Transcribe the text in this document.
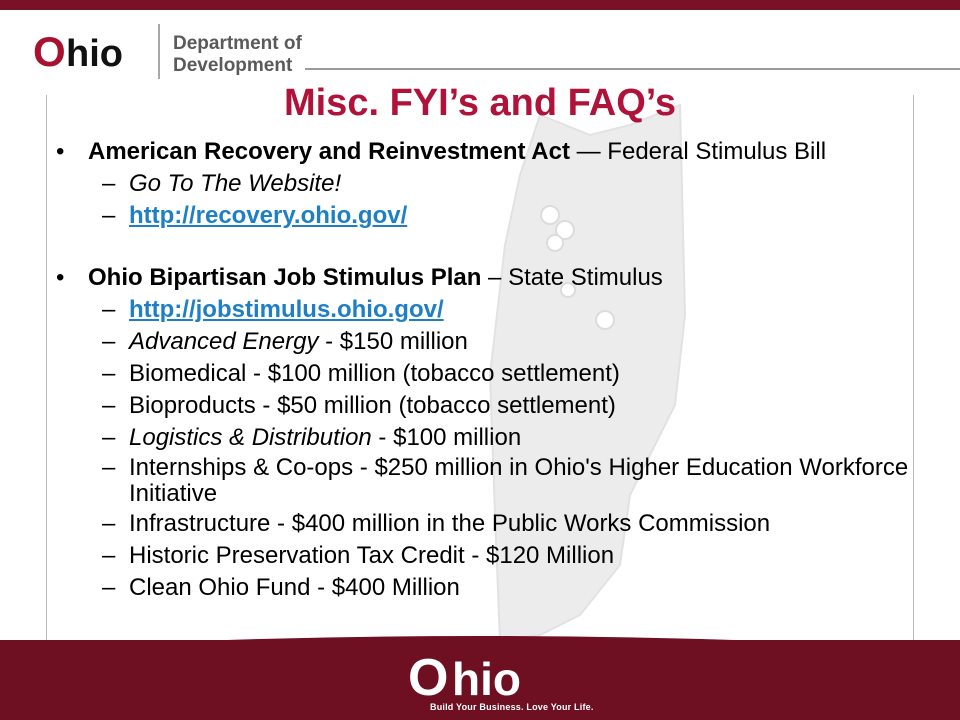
O hio	Department of
Development
Misc. FYI’s and FAQ’s
• American Recovery and Reinvestment Act — Federal Stimulus Bill
– Go To The Website!
– http://recovery.ohio.gov/
• Ohio Bipartisan Job Stimulus Plan – State Stimulus
– http://jobstimulus.ohio.gov/
– Advanced Energy - $150 million
– Biomedical - $100 million (tobacco settlement)
– Bioproducts - $50 million (tobacco settlement)
– Logistics & Distribution - $100 million
– Internships & Co-ops - $250 million in Ohio's Higher Education Workforce Initiative
– Infrastructure - $400 million in the Public Works Commission
– Historic Preservation Tax Credit - $120 Million
– Clean Ohio Fund - $400 Million
O hio
Build Your Business. Love Your Life.
